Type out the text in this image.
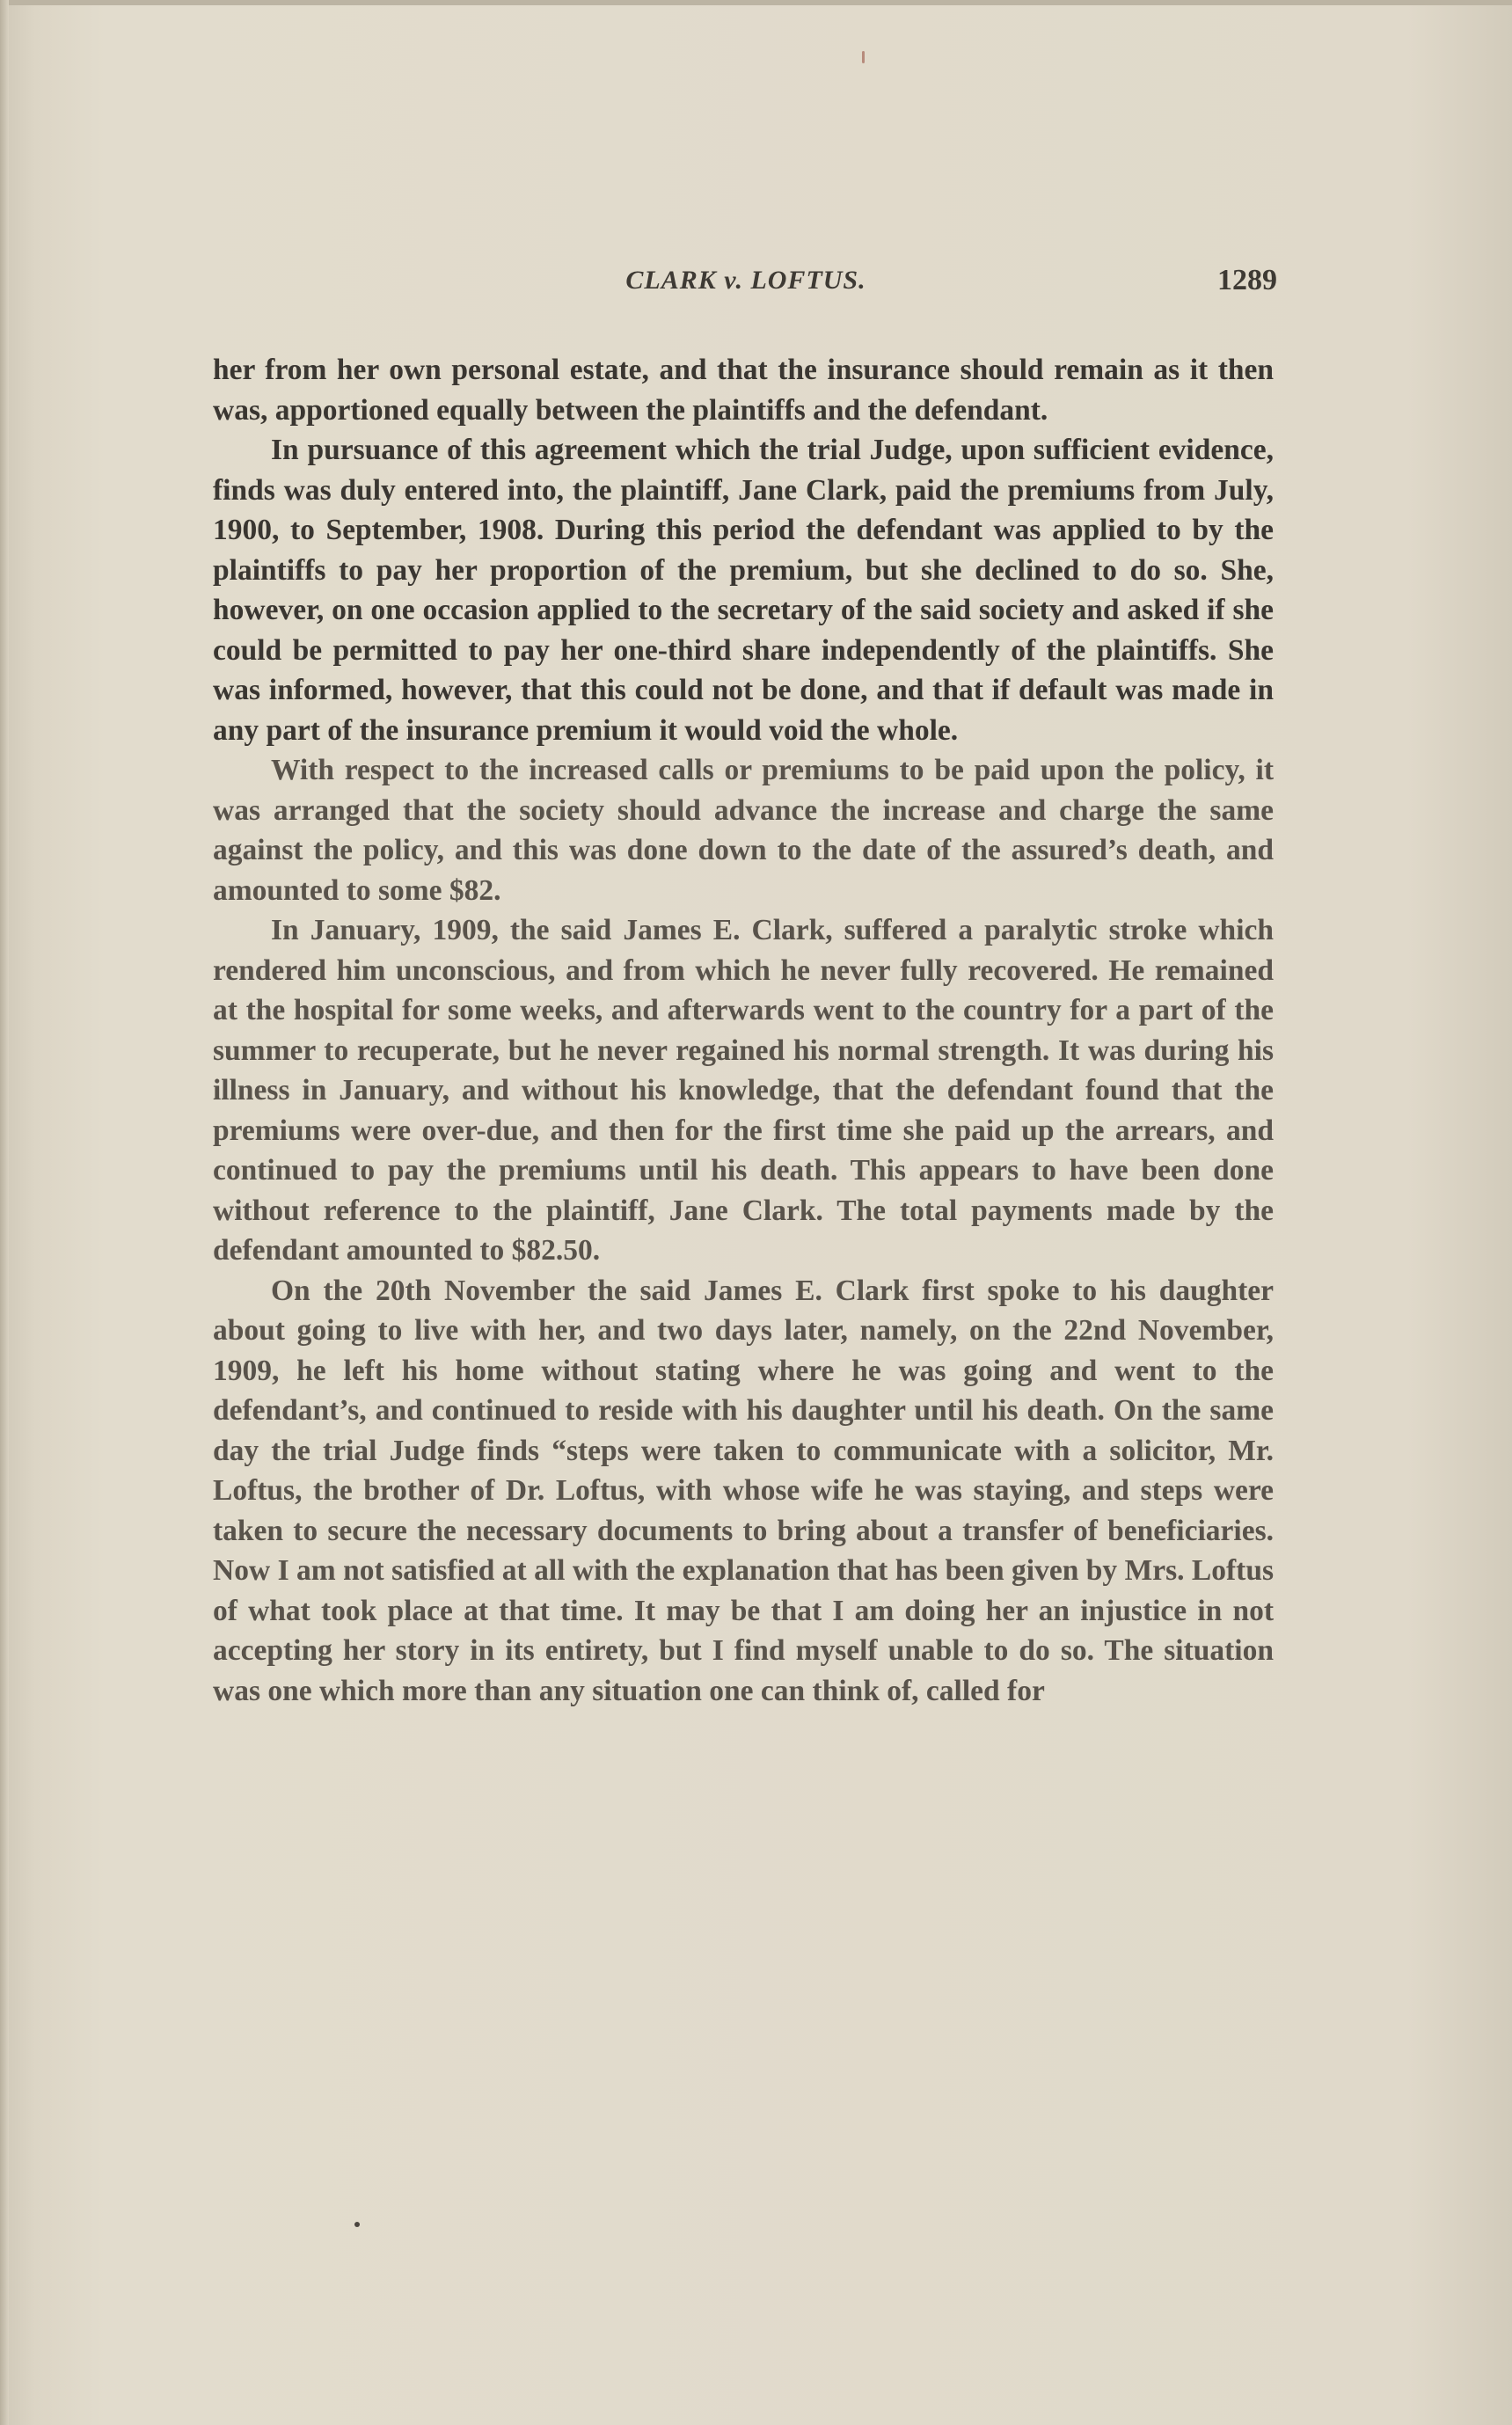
CLARK v. LOFTUS.	1289

her from her own personal estate, and that the insurance should remain as it then was, apportioned equally between the plaintiffs and the defendant.

In pursuance of this agreement which the trial Judge, upon sufficient evidence, finds was duly entered into, the plaintiff, Jane Clark, paid the premiums from July, 1900, to September, 1908. During this period the defendant was applied to by the plaintiffs to pay her proportion of the premium, but she declined to do so. She, however, on one occasion applied to the secretary of the said society and asked if she could be permitted to pay her one-third share independently of the plaintiffs. She was informed, however, that this could not be done, and that if default was made in any part of the insurance premium it would void the whole.

With respect to the increased calls or premiums to be paid upon the policy, it was arranged that the society should advance the increase and charge the same against the policy, and this was done down to the date of the assured’s death, and amounted to some $82.

In January, 1909, the said James E. Clark, suffered a paralytic stroke which rendered him unconscious, and from which he never fully recovered. He remained at the hospital for some weeks, and afterwards went to the country for a part of the summer to recuperate, but he never regained his normal strength. It was during his illness in January, and without his knowledge, that the defendant found that the premiums were over-due, and then for the first time she paid up the arrears, and continued to pay the premiums until his death. This appears to have been done without reference to the plaintiff, Jane Clark. The total payments made by the defendant amounted to $82.50.

On the 20th November the said James E. Clark first spoke to his daughter about going to live with her, and two days later, namely, on the 22nd November, 1909, he left his home without stating where he was going and went to the defendant’s, and continued to reside with his daughter until his death. On the same day the trial Judge finds “steps were taken to communicate with a solicitor, Mr. Loftus, the brother of Dr. Loftus, with whose wife he was staying, and steps were taken to secure the necessary documents to bring about a transfer of beneficiaries. Now I am not satisfied at all with the explanation that has been given by Mrs. Loftus of what took place at that time. It may be that I am doing her an injustice in not accepting her story in its entirety, but I find myself unable to do so. The situation was one which more than any situation one can think of, called for
